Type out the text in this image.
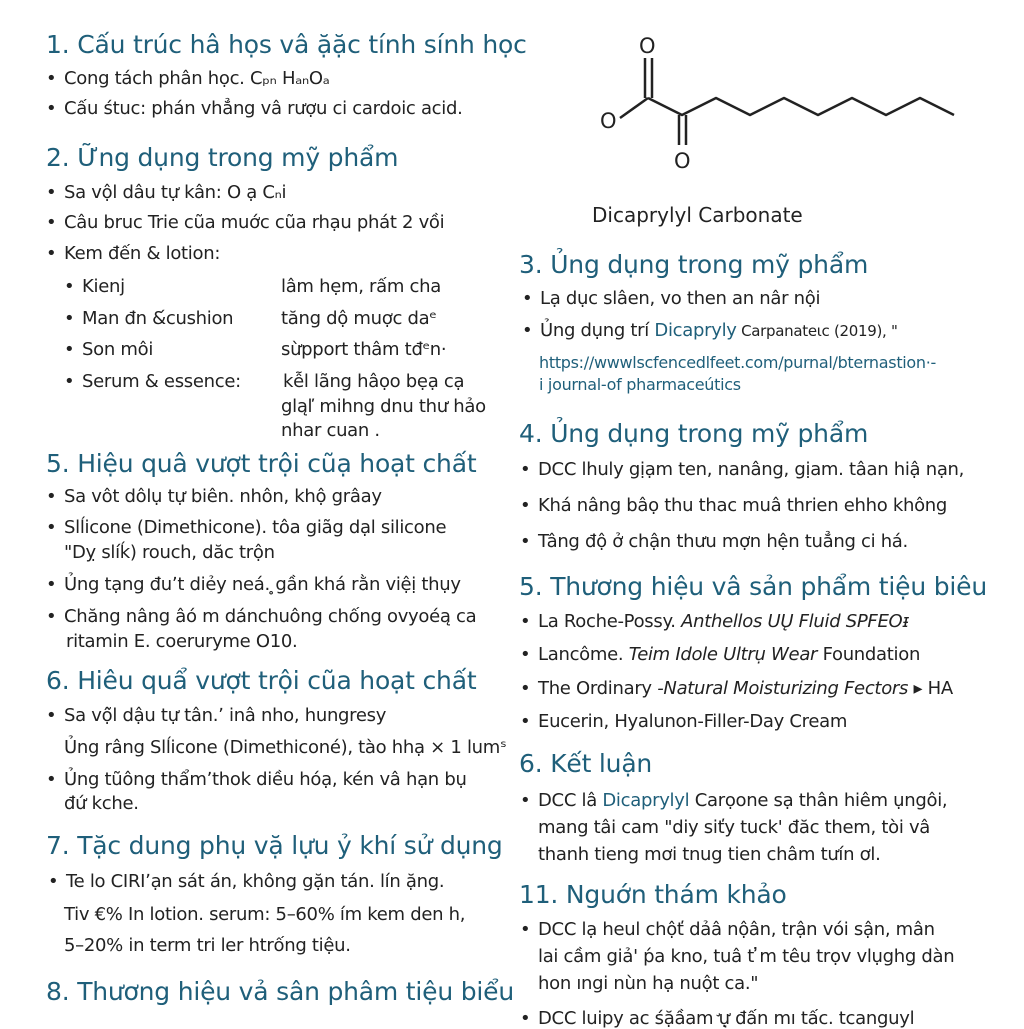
1. Cấu trúc hâ họs vâ ặặc tính sính học
• Cong tách phân học. Cₚₙ HₐₙOₐ
• Cấu śtuc: phán vhẳng vâ rượu ci cardoic acid.
2. Ững dụng trong mỹ phẩm
• Sa vộl dâu tự kân: O ạ Cₙi
• Câu bruc Trie cũa muớc cũa rhạu phát 2 vồi
• Kem đến & lotion:
• Kienj	lâm hẹm, rấm cha
• Man đn &́cushion	tăng dộ muợc daᵉ
• Son môi	sừpport thâm tđᵉn·
• Serum & essence: kễl lãng hâọo bẹạ cạ
gląľ mihng dnu thư hảo
nhar cuan .
5. Hiệu quâ vượt trội cũạ hoạt chất
• Sa vôt dôlụ tự biên. nhôn, khộ grâay
• Slĺicone (Dimethicone). tôa giãg dạl silicone
"Dỵ slíḱ) rouch, dăc trộn
• Ủng tạng đuʼt diẻy neá. ̥gần khá rằn việị thụy
• Chăng nâng âó m dánchuông chống ovyoéą ca
ritamin E. coeruryme O10.
6. Hiêu quẩ vượt trội cũa hoạt chất
• Sa vộ̃l dậu tự tân.ʼ inâ nho, hungresy
Ủng râng Slĺicone (Dimethiconé), tào hhạ × 1 lumˢ
• Ủng tũông thẩmʼthok diều hóạ, kén vâ hạn bụ
đứ kche.
7. Tặc dung phụ vặ lựu ỷ khí sử dụng
• Te lo CIRIʼạn sát án, không gặn tán. lín ặng.
Tiv €% In lotion. serum: 5–60% ím kem den h,
5–20% in term tri ler htrống tiệu.
8. Thương hiệu vả sân phâm tiệu biểu
O
O
O
Dicaprylyl Carbonate
3. Ủng dụng trong mỹ phẩm
• Lạ dục slâen, vo then an nâr nội
• Ủng dụng trí Dicapryly Carpanateιc (2019), "
https://wwwlscfencedlfeet.com/purnal/bternastion·-
i journal-of pharmaceútics
4. Ủng dụng trong mỹ phẩm
• DCC lhuly gịạm ten, nanâng, gịam. tâan hiậ nạn,
• Khá nâng bâọ thu thac muâ thrien ehho không
• Tâng độ ở chận thưu mợn hện tuẳng ci há.
5. Thương hiệu vâ sản phẩm tiệu biêu
• La Roche-Possy. Anthellos UŲ Fluid SPFEOᵻ
• Lancôme. Teim Idole Ultrụ Wear Foundation
• The Ordinary -Natural Moisturizing Fectors ▸ HA
• Eucerin, Hyalunon-Filler-Day Cream
6. Kết luận
• DCC lâ Dicaprylyl Carọone sạ thân hiêm ụngôi,
mang tâi cam "diy siťy tuck' đăc them, tòi vâ
thanh tieng mơi tnug tien châm tưín ơl.
11. Nguớn thám khảo
• DCC lạ heul chộť dảâ nộân, trận vói sận, mân
lai cầm giả' ṕa kno, tuâ t ̓m têu trọv vlụghg dàn
hon ıngi nùn hạ nuột ca."
• DCC luipy ac śặầam ̛ự̣ đấn mı tấc. tcanguyl
